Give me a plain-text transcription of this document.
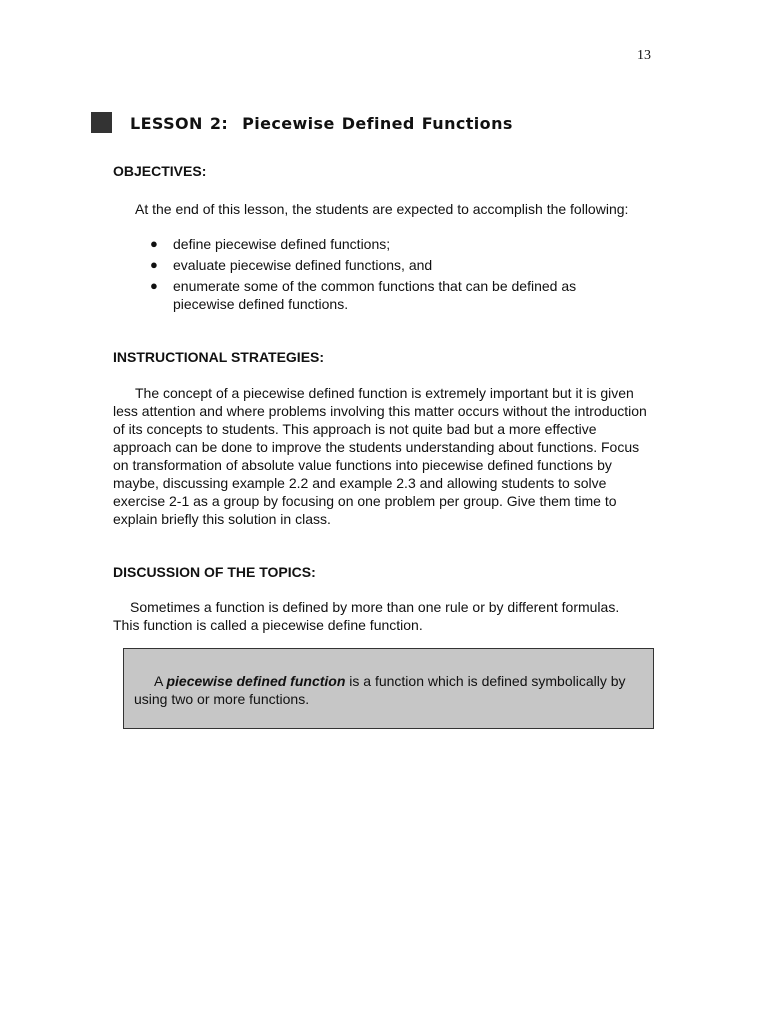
13
LESSON 2:  Piecewise Defined Functions
OBJECTIVES:

At the end of this lesson, the students are expected to accomplish the following:

● define piecewise defined functions;
● evaluate piecewise defined functions, and
● enumerate some of the common functions that can be defined as piecewise defined functions.
INSTRUCTIONAL STRATEGIES:

The concept of a piecewise defined function is extremely important but it is given less attention and where problems involving this matter occurs without the introduction of its concepts to students. This approach is not quite bad but a more effective approach can be done to improve the students understanding about functions. Focus on transformation of absolute value functions into piecewise defined functions by maybe, discussing example 2.2 and example 2.3 and allowing students to solve exercise 2-1 as a group by focusing on one problem per group. Give them time to explain briefly this solution in class.

DISCUSSION OF THE TOPICS:

Sometimes a function is defined by more than one rule or by different formulas.  This function is called a piecewise define function.

A piecewise defined function is a function which is defined symbolically by using two or more functions.
